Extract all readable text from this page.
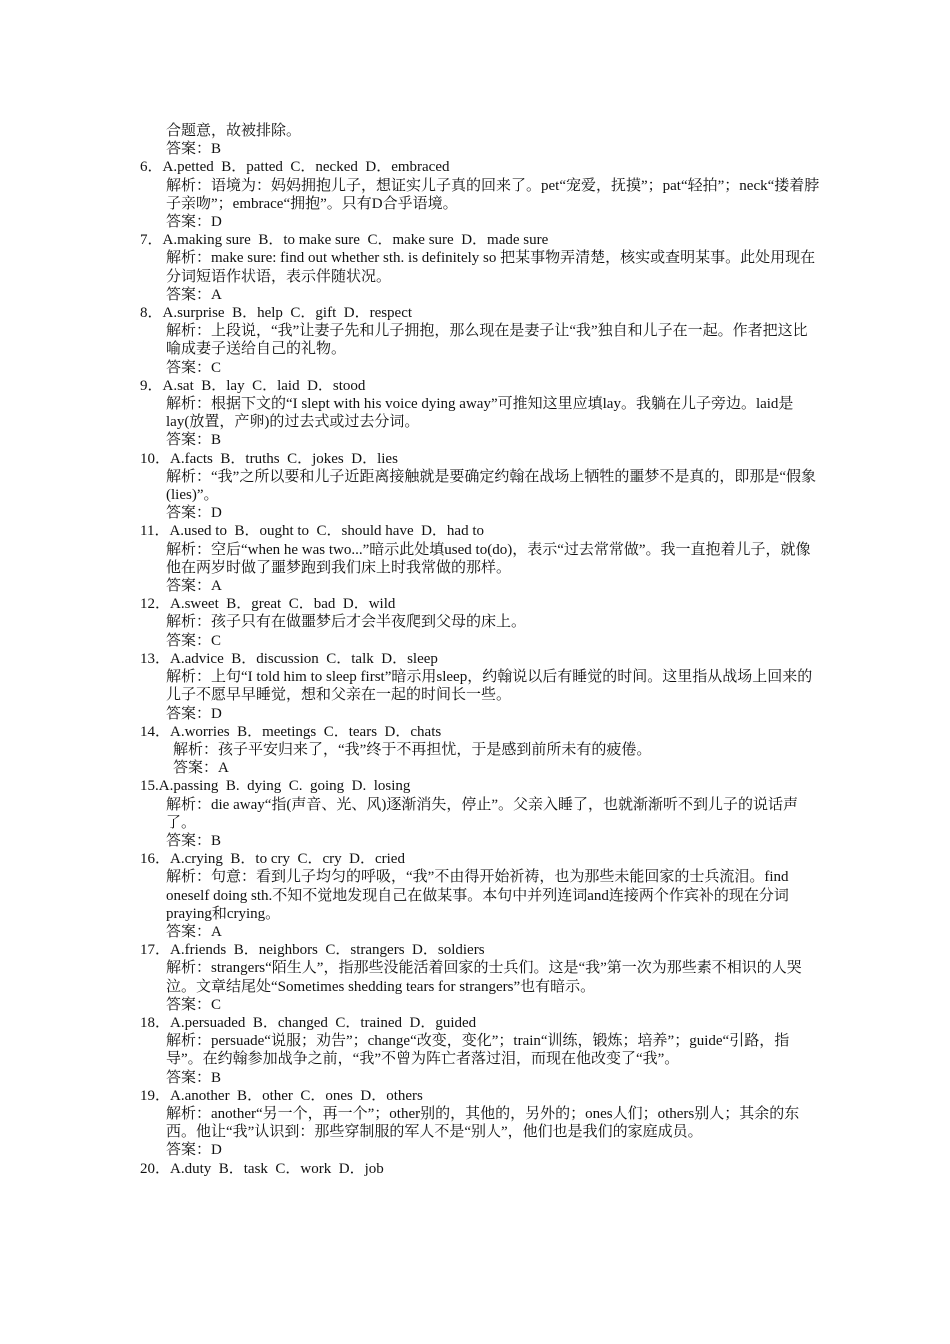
合题意，故被排除。
答案：B
6．A.petted  B．patted  C．necked  D．embraced
解析：语境为：妈妈拥抱儿子，想证实儿子真的回来了。pet“宠爱，抚摸”；pat“轻拍”；neck“搂着脖子亲吻”；embrace“拥抱”。只有D合乎语境。
答案：D
7．A.making sure  B．to make sure  C．make sure  D．made sure
解析：make sure: find out whether sth. is definitely so 把某事物弄清楚，核实或查明某事。此处用现在分词短语作状语，表示伴随状况。
答案：A
8．A.surprise  B．help  C．gift  D．respect
解析：上段说，“我”让妻子先和儿子拥抱，那么现在是妻子让“我”独自和儿子在一起。作者把这比喻成妻子送给自己的礼物。
答案：C
9．A.sat  B．lay  C．laid  D．stood
解析：根据下文的“I slept with his voice dying away”可推知这里应填lay。我躺在儿子旁边。laid是lay(放置，产卵)的过去式或过去分词。
答案：B
10．A.facts  B．truths  C．jokes  D．lies
解析：“我”之所以要和儿子近距离接触就是要确定约翰在战场上牺牲的噩梦不是真的，即那是“假象(lies)”。
答案：D
11．A.used to  B．ought to  C．should have  D．had to
解析：空后“when he was two...”暗示此处填used to(do)，表示“过去常常做”。我一直抱着儿子，就像他在两岁时做了噩梦跑到我们床上时我常做的那样。
答案：A
12．A.sweet  B．great  C．bad  D．wild
解析：孩子只有在做噩梦后才会半夜爬到父母的床上。
答案：C
13．A.advice  B．discussion  C．talk  D．sleep
解析：上句“I told him to sleep first”暗示用sleep，约翰说以后有睡觉的时间。这里指从战场上回来的儿子不愿早早睡觉，想和父亲在一起的时间长一些。
答案：D
14．A.worries  B．meetings  C．tears  D．chats
解析：孩子平安归来了，“我”终于不再担忧，于是感到前所未有的疲倦。
答案：A
15.A.passing  B.  dying  C.  going  D.  losing
解析：die away“指(声音、光、风)逐渐消失，停止”。父亲入睡了，也就渐渐听不到儿子的说话声了。
答案：B
16．A.crying  B．to cry  C．cry  D．cried
解析：句意：看到儿子均匀的呼吸，“我”不由得开始祈祷，也为那些未能回家的士兵流泪。find oneself doing sth.不知不觉地发现自己在做某事。本句中并列连词and连接两个作宾补的现在分词praying和crying。
答案：A
17．A.friends  B．neighbors  C．strangers  D．soldiers
解析：strangers“陌生人”，指那些没能活着回家的士兵们。这是“我”第一次为那些素不相识的人哭泣。文章结尾处“Sometimes shedding tears for strangers”也有暗示。
答案：C
18．A.persuaded  B．changed  C．trained  D．guided
解析：persuade“说服；劝告”；change“改变，变化”；train“训练，锻炼；培养”；guide“引路，指导”。在约翰参加战争之前，“我”不曾为阵亡者落过泪，而现在他改变了“我”。
答案：B
19．A.another  B．other  C．ones  D．others
解析：another“另一个，再一个”；other别的，其他的，另外的；ones人们；others别人；其余的东西。他让“我”认识到：那些穿制服的军人不是“别人”，他们也是我们的家庭成员。
答案：D
20．A.duty  B．task  C．work  D．job
